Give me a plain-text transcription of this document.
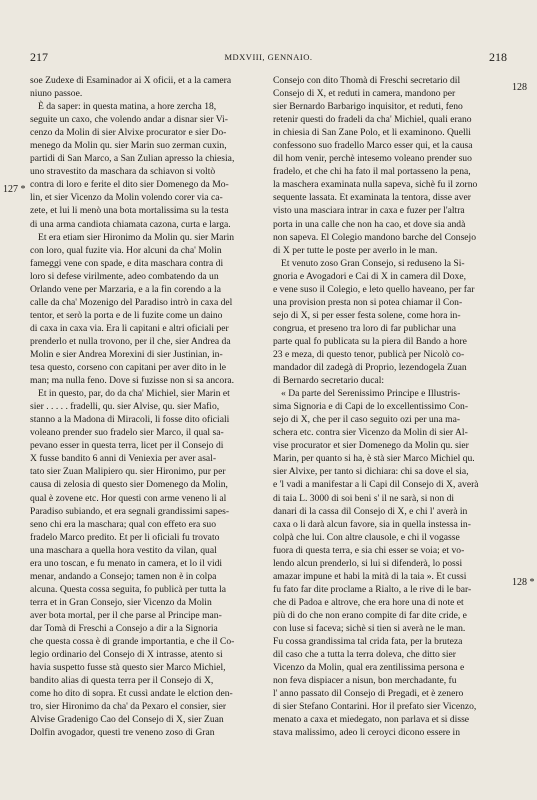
217	MDXVIII, GENNAIO.	218
127 *
128
128 *
soe Zudexe di Esaminador ai X oficii, et a la camera
niuno passoe.
È da saper: in questa matina, a hore zercha 18,
seguite un caxo, che volendo andar a disnar sier Vi-
cenzo da Molin di sier Alvixe procurator e sier Do-
menego da Molin qu. sier Marin suo zerman cuxin,
partidi di San Marco, a San Zulian apresso la chiesia,
uno stravestito da maschara da schiavon si voltò
contra di loro e ferite el dito sier Domenego da Mo-
lin, et sier Vicenzo da Molin volendo corer via ca-
zete, et lui li menò una bota mortalissima su la testa
di una arma candiota chiamata cazona, curta e larga.
Et era etiam sier Hironimo da Molin qu. sier Marin
con loro, qual fuzite via. Hor alcuni da cha' Molin
fameggi vene con spade, e dita maschara contra di
loro si defese virilmente, adeo combatendo da un
Orlando vene per Marzaria, e a la fin corendo a la
calle da cha' Mozenigo del Paradiso intrò in caxa del
tentor, et serò la porta e de li fuzite come un daino
di caxa in caxa via. Era li capitani e altri oficiali per
prenderlo et nulla trovono, per il che, sier Andrea da
Molin e sier Andrea Morexini di sier Justinian, in-
tesa questo, corseno con capitani per aver dito in le
man; ma nulla feno. Dove si fuzisse non si sa ancora.
Et in questo, par, do da cha' Michiel, sier Marin et
sier . . . . . fradelli, qu. sier Alvise, qu. sier Mafio,
stanno a la Madona di Miracoli, li fosse dito oficiali
voleano prender suo fradelo sier Marco, il qual sa-
pevano esser in questa terra, licet per il Consejo di
X fusse bandito 6 anni di Veniexia per aver asal-
tato sier Zuan Malipiero qu. sier Hironimo, pur per
causa di zelosia di questo sier Domenego da Molin,
qual è zovene etc. Hor questi con arme veneno li al
Paradiso subiando, et era segnali grandissimi sapes-
seno chi era la maschara; qual con effeto era suo
fradelo Marco predito. Et per li oficiali fu trovato
una maschara a quella hora vestito da vilan, qual
era uno toscan, e fu menato in camera, et lo il vidi
menar, andando a Consejo; tamen non è in colpa
alcuna. Questa cossa seguita, fo publicà per tutta la
terra et in Gran Consejo, sier Vicenzo da Molin
aver bota mortal, per il che parse al Principe man-
dar Tomà di Freschi a Consejo a dir a la Signoria
che questa cossa è di grande importantia, e che il Co-
legio ordinario del Consejo di X intrasse, atento si
havia suspetto fusse stà questo sier Marco Michiel,
bandito alias di questa terra per il Consejo di X,
come ho dito di sopra. Et cussì andate le elction den-
tro, sier Hironimo da cha' da Pexaro el consier, sier
Alvise Gradenigo Cao del Consejo di X, sier Zuan
Dolfin avogador, questi tre veneno zoso di Gran
Consejo con dito Thomà di Freschi secretario dil
Consejo di X, et reduti in camera, mandono per
sier Bernardo Barbarigo inquisitor, et reduti, feno
retenir questi do fradeli da cha' Michiel, quali erano
in chiesia di San Zane Polo, et li examinono. Quelli
confessono suo fradello Marco esser qui, et la causa
dil hom venir, perchè intesemo voleano prender suo
fradelo, et che chi ha fato il mal portasseno la pena,
la maschera examinata nulla sapeva, sichè fu il zorno
sequente lassata. Et examinata la tentora, disse aver
visto una masciara intrar in caxa e fuzer per l'altra
porta in una calle che non ha cao, et dove sia andà
non sapeva. El Colegio mandono barche del Consejo
di X per tutte le poste per averlo in le man.
Et venuto zoso Gran Consejo, si reduseno la Si-
gnoria e Avogadori e Cai di X in camera dil Doxe,
e vene suso il Colegio, e leto quello haveano, per far
una provision presta non si potea chiamar il Con-
sejo di X, si per esser festa solene, come hora in-
congrua, et preseno tra loro di far publichar una
parte qual fo publicata su la piera dil Bando a hore
23 e meza, di questo tenor, publicà per Nicolò co-
mandador dil zadegà di Proprio, lezendogela Zuan
di Bernardo secretario ducal:
« Da parte del Serenissimo Principe e Illustris-
sima Signoria e di Capi de lo excellentissimo Con-
sejo di X, che per il caso seguito ozi per una ma-
schera etc. contra sier Vicenzo da Molin di sier Al-
vise procurator et sier Domenego da Molin qu. sier
Marin, per quanto si ha, è stà sier Marco Michiel qu.
sier Alvixe, per tanto si dichiara: chi sa dove el sia,
e 'l vadi a manifestar a li Capi dil Consejo di X, averà
di taia L. 3000 di soi beni s' il ne sarà, si non di
danari di la cassa dil Consejo di X, e chi l' averà in
caxa o li darà alcun favore, sia in quella instessa in-
colpà che lui. Con altre clausole, e chi il vogasse
fuora di questa terra, e sia chi esser se voia; et vo-
lendo alcun prenderlo, si lui si difenderà, lo possi
amazar impune et habi la mità di la taia ». Et cussi
fu fato far dite proclame a Rialto, a le rive di le bar-
che di Padoa e altrove, che era hore una di note et
più di do che non erano compite di far dite cride, e
con luse si faceva; sichè si tien si averà ne le man.
Fu cossa grandissima tal crida fata, per la bruteza
dil caso che a tutta la terra doleva, che ditto sier
Vicenzo da Molin, qual era zentilissima persona e
non feva dispiacer a nisun, bon merchadante, fu
l' anno passato dil Consejo di Pregadi, et è zenero
di sier Stefano Contarini. Hor il prefato sier Vicenzo,
menato a caxa et miedegato, non parlava et si disse
stava malissimo, adeo li ceroyci dicono essere in
